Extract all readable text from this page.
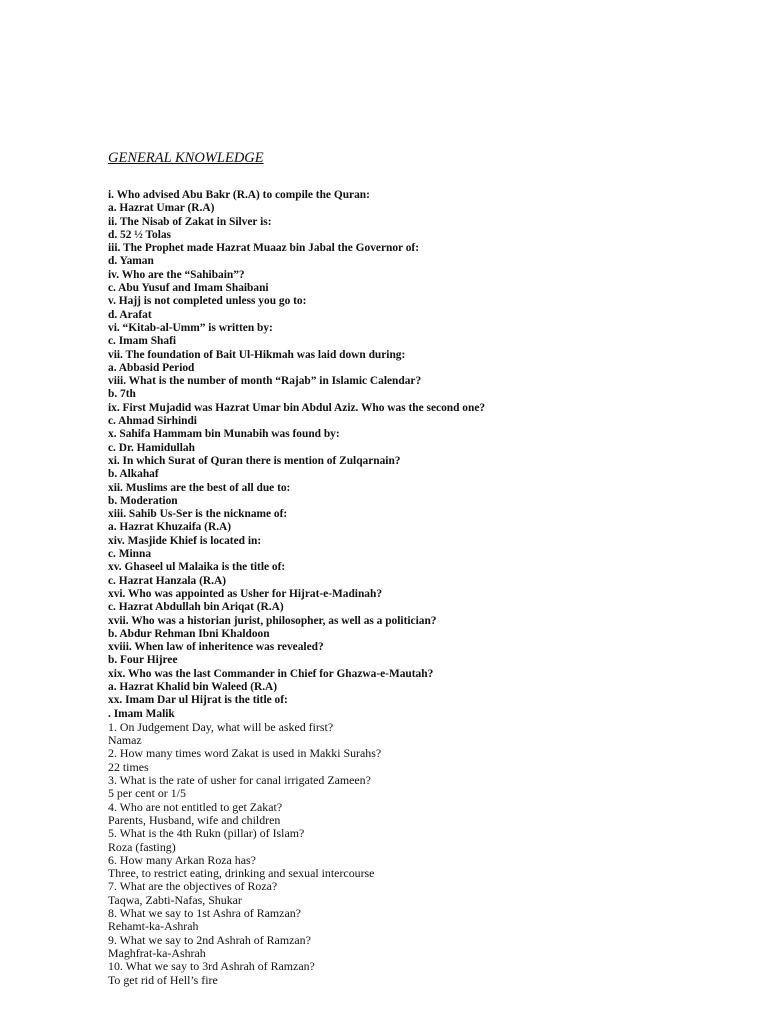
GENERAL KNOWLEDGE
i. Who advised Abu Bakr (R.A) to compile the Quran:
a. Hazrat Umar (R.A)
ii. The Nisab of Zakat in Silver is:
d. 52 ½ Tolas
iii. The Prophet made Hazrat Muaaz bin Jabal the Governor of:
d. Yaman
iv. Who are the “Sahibain”?
c. Abu Yusuf and Imam Shaibani
v. Hajj is not completed unless you go to:
d. Arafat
vi. “Kitab-al-Umm” is written by:
c. Imam Shafi
vii. The foundation of Bait Ul-Hikmah was laid down during:
a. Abbasid Period
viii. What is the number of month “Rajab” in Islamic Calendar?
b. 7th
ix. First Mujadid was Hazrat Umar bin Abdul Aziz. Who was the second one?
c. Ahmad Sirhindi
x. Sahifa Hammam bin Munabih was found by:
c. Dr. Hamidullah
xi. In which Surat of Quran there is mention of Zulqarnain?
b. Alkahaf
xii. Muslims are the best of all due to:
b. Moderation
xiii. Sahib Us-Ser is the nickname of:
a. Hazrat Khuzaifa (R.A)
xiv. Masjide Khief is located in:
c. Minna
xv. Ghaseel ul Malaika is the title of:
c. Hazrat Hanzala (R.A)
xvi. Who was appointed as Usher for Hijrat-e-Madinah?
c. Hazrat Abdullah bin Ariqat (R.A)
xvii. Who was a historian jurist, philosopher, as well as a politician?
b. Abdur Rehman Ibni Khaldoon
xviii. When law of inheritence was revealed?
b. Four Hijree
xix. Who was the last Commander in Chief for Ghazwa-e-Mautah?
a. Hazrat Khalid bin Waleed (R.A)
xx. Imam Dar ul Hijrat is the title of:
. Imam Malik
1. On Judgement Day, what will be asked first?
Namaz
2. How many times word Zakat is used in Makki Surahs?
22 times
3. What is the rate of usher for canal irrigated Zameen?
5 per cent or 1/5
4. Who are not entitled to get Zakat?
Parents, Husband, wife and children
5. What is the 4th Rukn (pillar) of Islam?
Roza (fasting)
6. How many Arkan Roza has?
Three, to restrict eating, drinking and sexual intercourse
7. What are the objectives of Roza?
Taqwa, Zabti-Nafas, Shukar
8. What we say to 1st Ashra of Ramzan?
Rehamt-ka-Ashrah
9. What we say to 2nd Ashrah of Ramzan?
Maghfrat-ka-Ashrah
10. What we say to 3rd Ashrah of Ramzan?
To get rid of Hell’s fire
